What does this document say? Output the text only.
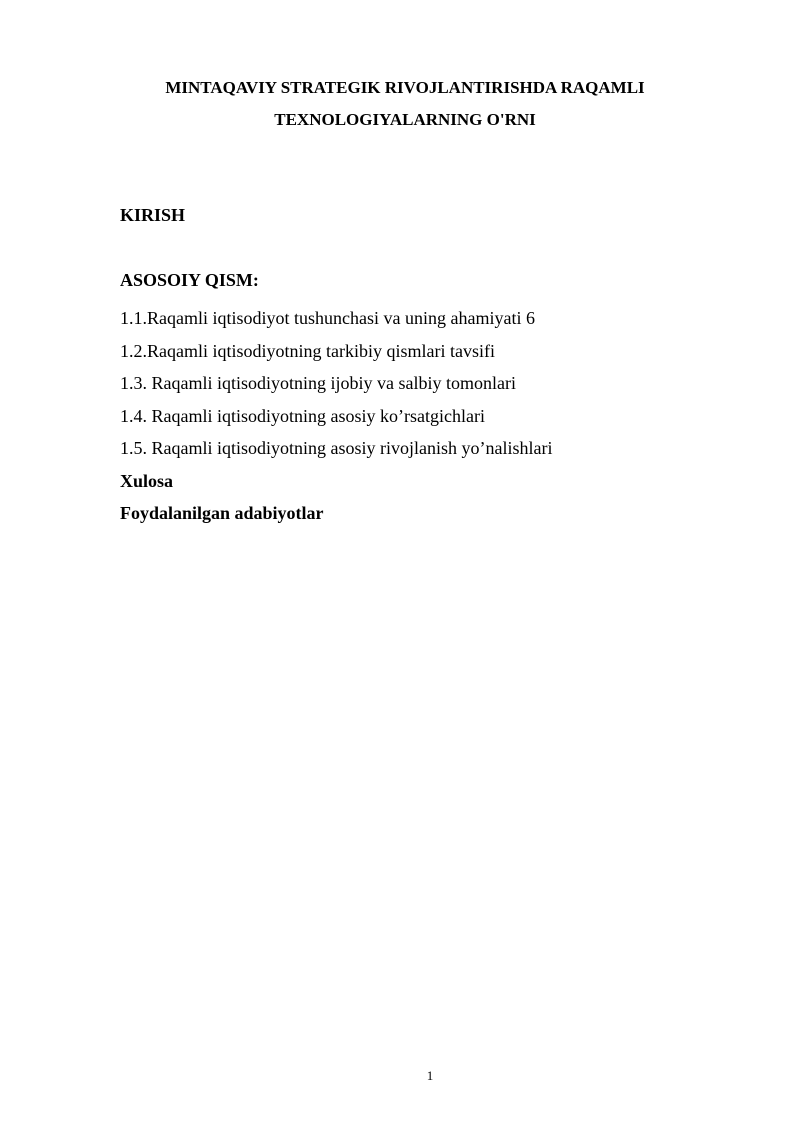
MINTAQAVIY STRATEGIK RIVOJLANTIRISHDA RAQAMLI TEXNOLOGIYALARNING O'RNI
KIRISH
ASOSOIY QISM:
1.1.Raqamli iqtisodiyot tushunchasi va uning ahamiyati 6
1.2.Raqamli iqtisodiyotning tarkibiy qismlari tavsifi
1.3. Raqamli iqtisodiyotning ijobiy va salbiy tomonlari
1.4. Raqamli iqtisodiyotning asosiy ko’rsatgichlari
1.5. Raqamli iqtisodiyotning asosiy rivojlanish yo’nalishlari
Xulosa
Foydalanilgan adabiyotlar
1
